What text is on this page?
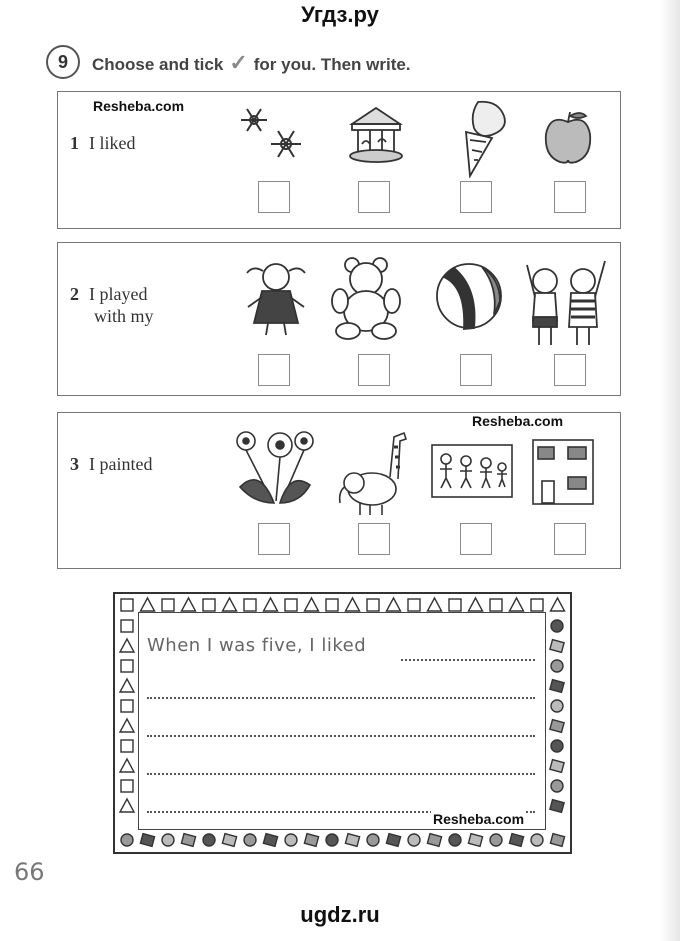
Угдз.ру
9	Choose and tick ✓ for you. Then write.
Resheba.com
1 I liked
2 I played
with my
Resheba.com
3 I painted
When I was five, I liked
Resheba.com
66
ugdz.ru
